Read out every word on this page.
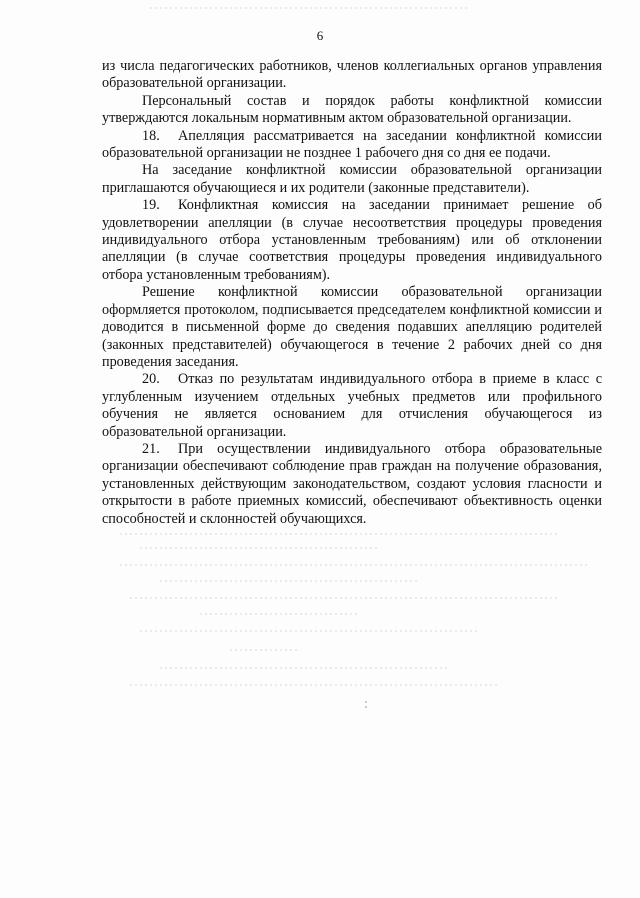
6

из числа педагогических работников, членов коллегиальных органов управления образовательной организации.

Персональный состав и порядок работы конфликтной комиссии утверждаются локальным нормативным актом образовательной организации.

18. Апелляция рассматривается на заседании конфликтной комиссии образовательной организации не позднее 1 рабочего дня со дня ее подачи.

На заседание конфликтной комиссии образовательной организации приглашаются обучающиеся и их родители (законные представители).

19. Конфликтная комиссия на заседании принимает решение об удовлетворении апелляции (в случае несоответствия процедуры проведения индивидуального отбора установленным требованиям) или об отклонении апелляции (в случае соответствия процедуры проведения индивидуального отбора установленным требованиям).

Решение конфликтной комиссии образовательной организации оформляется протоколом, подписывается председателем конфликтной комиссии и доводится в письменной форме до сведения подавших апелляцию родителей (законных представителей) обучающегося в течение 2 рабочих дней со дня проведения заседания.

20. Отказ по результатам индивидуального отбора в приеме в класс с углубленным изучением отдельных учебных предметов или профильного обучения не является основанием для отчисления обучающегося из образовательной организации.

21. При осуществлении индивидуального отбора образовательные организации обеспечивают соблюдение прав граждан на получение образования, установленных действующим законодательством, создают условия гласности и открытости в работе приемных комиссий, обеспечивают объективность оценки способностей и склонностей обучающихся.
